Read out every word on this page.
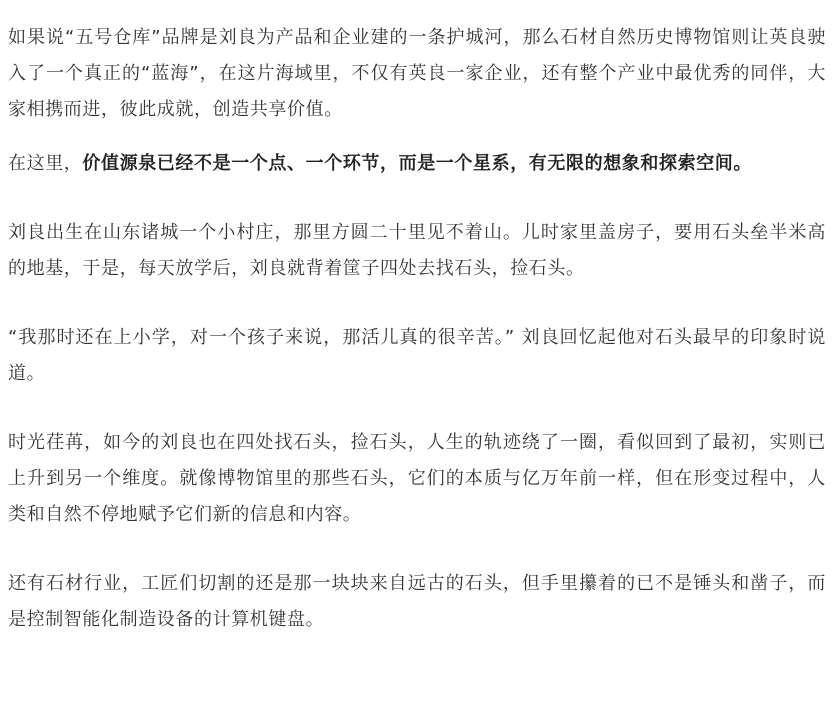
如果说“五号仓库”品牌是刘良为产品和企业建的一条护城河，那么石材自然历史博物馆则让英良驶入了一个真正的“蓝海”，在这片海域里，不仅有英良一家企业，还有整个产业中最优秀的同伴，大家相携而进，彼此成就，创造共享价值。

在这里，价值源泉已经不是一个点、一个环节，而是一个星系，有无限的想象和探索空间。

刘良出生在山东诸城一个小村庄，那里方圆二十里见不着山。儿时家里盖房子，要用石头垒半米高的地基，于是，每天放学后，刘良就背着筐子四处去找石头，捡石头。

“我那时还在上小学，对一个孩子来说，那活儿真的很辛苦。” 刘良回忆起他对石头最早的印象时说道。

时光荏苒，如今的刘良也在四处找石头，捡石头，人生的轨迹绕了一圈，看似回到了最初，实则已上升到另一个维度。就像博物馆里的那些石头，它们的本质与亿万年前一样，但在形变过程中，人类和自然不停地赋予它们新的信息和内容。

还有石材行业，工匠们切割的还是那一块块来自远古的石头，但手里攥着的已不是锤头和凿子，而是控制智能化制造设备的计算机键盘。
